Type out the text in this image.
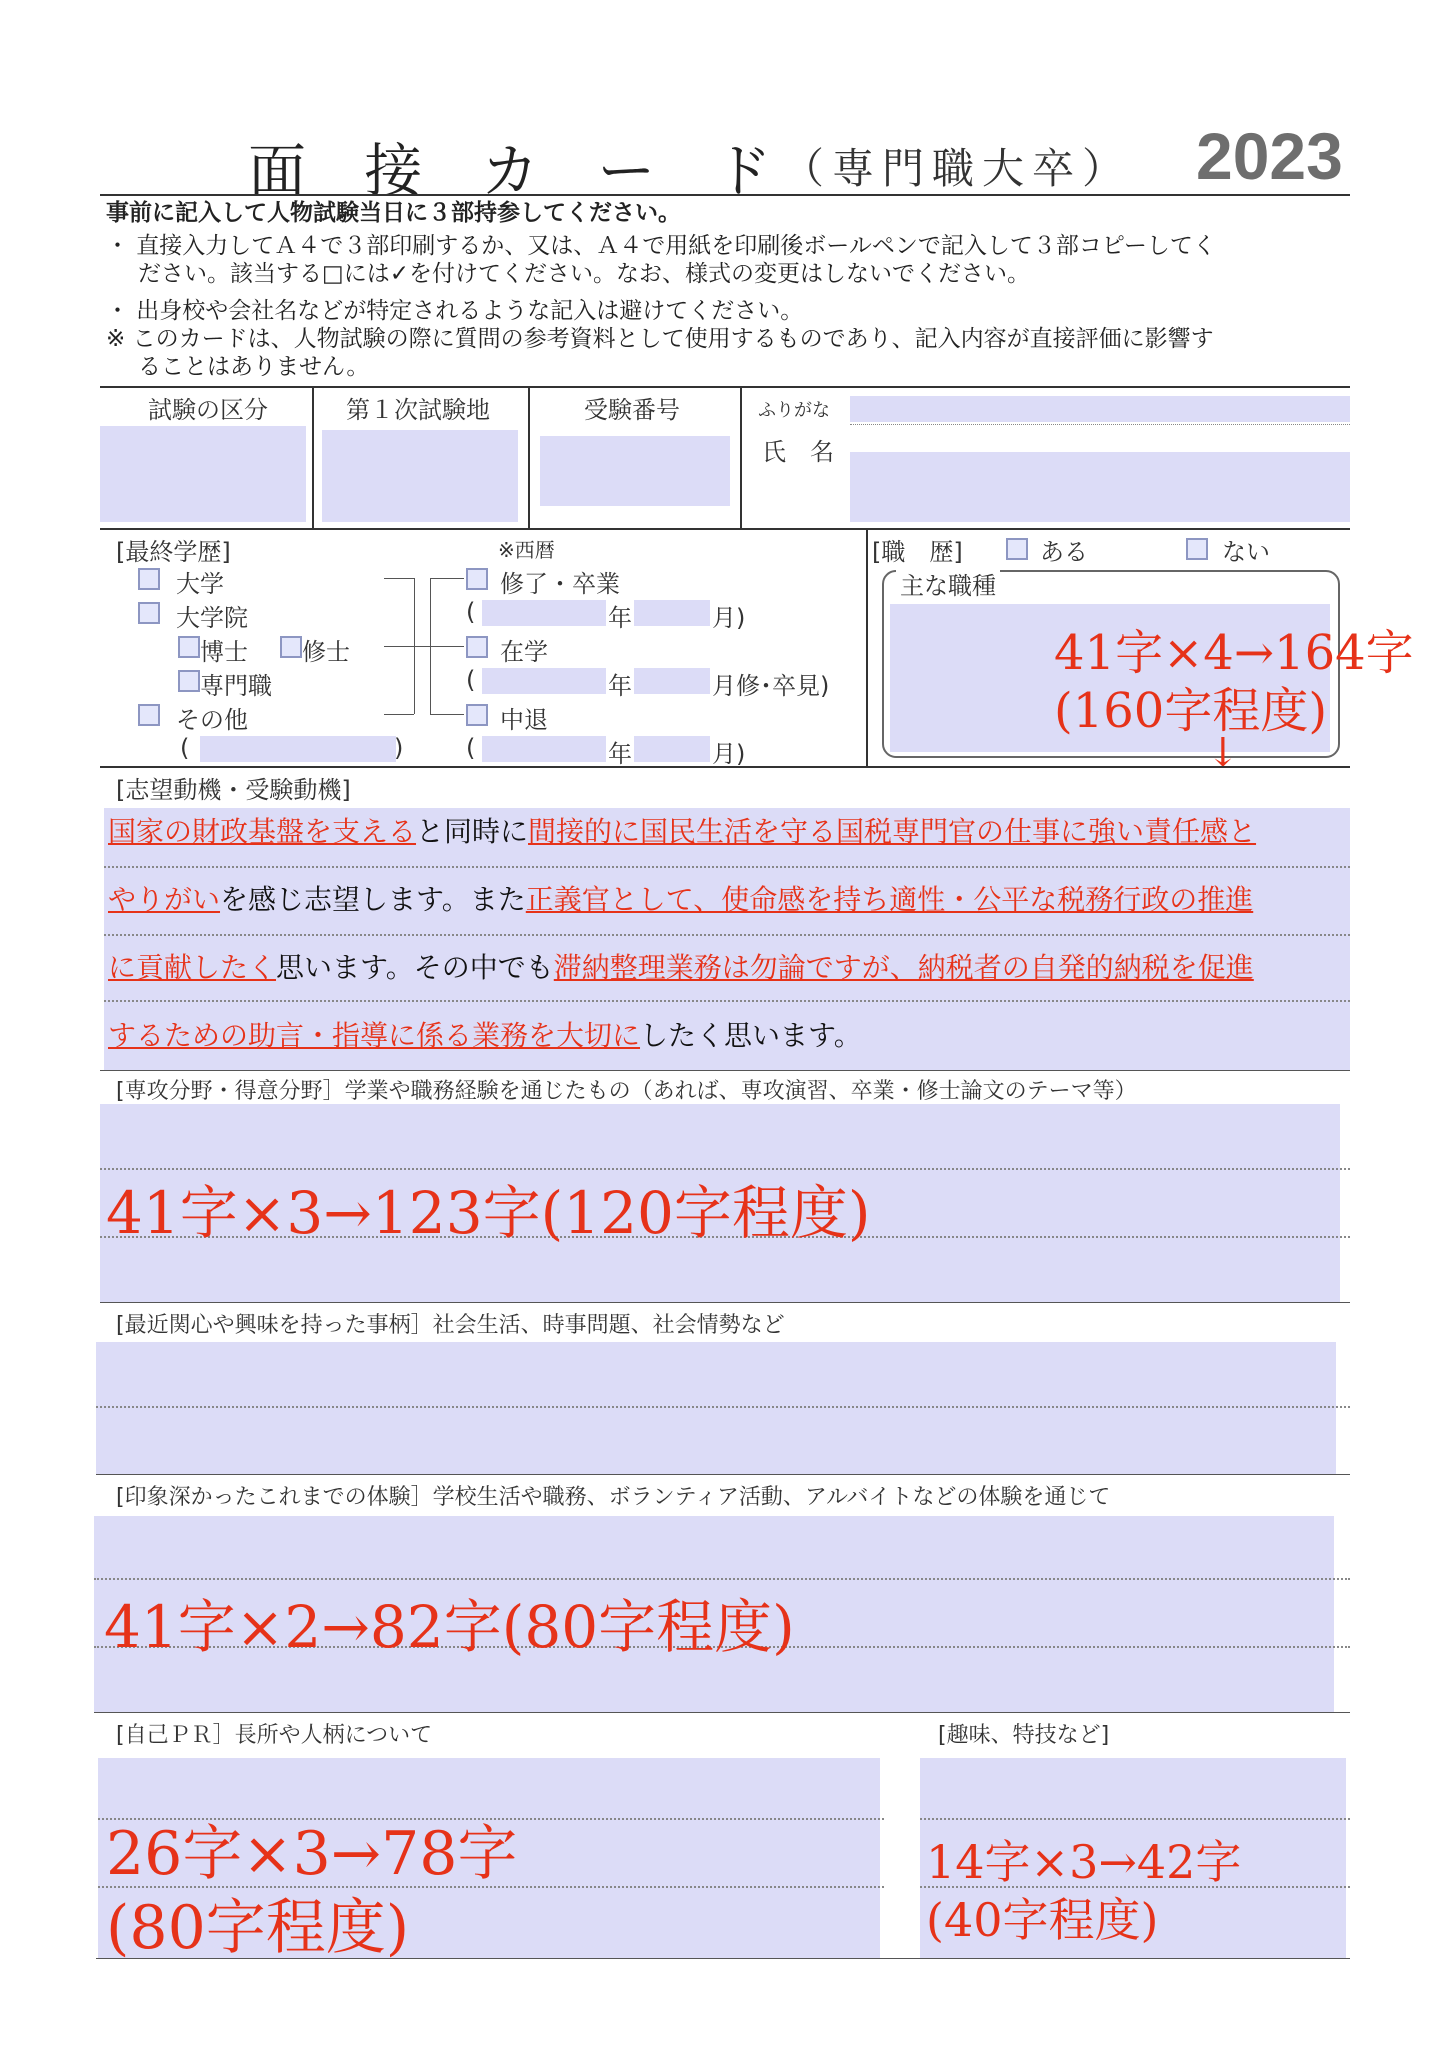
面 接 カ ー ド
（専門職大卒） 2023
事前に記入して人物試験当日に３部持参してください。
・ 直接入力してＡ４で３部印刷するか、又は、Ａ４で用紙を印刷後ボールペンで記入して３部コピーしてく
ださい。該当する□には✓を付けてください。なお、様式の変更はしないでください。
・ 出身校や会社名などが特定されるような記入は避けてください。
※ このカードは、人物試験の際に質問の参考資料として使用するものであり、記入内容が直接評価に影響す
ることはありません。
試験の区分	第１次試験地	受験番号	ふりがな
氏　名
[最終学歴]	※西暦
大学
大学院
博士 修士
専門職
その他
(	)
修了・卒業
(	年	月)
在学
(	年	月修･卒見)
中退
(	年	月)
[職　歴]	ある	ない
主な職種
41字×4→164字
(160字程度)
↓
[志望動機・受験動機]
国家の財政基盤を支えると同時に間接的に国民生活を守る国税専門官の仕事に強い責任感と
やりがいを感じ志望します。また正義官として、使命感を持ち適性・公平な税務行政の推進
に貢献したく思います。その中でも滞納整理業務は勿論ですが、納税者の自発的納税を促進
するための助言・指導に係る業務を大切にしたく思います。
[専攻分野・得意分野］学業や職務経験を通じたもの（あれば、専攻演習、卒業・修士論文のテーマ等）
41字×3→123字(120字程度)
[最近関心や興味を持った事柄］社会生活、時事問題、社会情勢など
[印象深かったこれまでの体験］学校生活や職務、ボランティア活動、アルバイトなどの体験を通じて
41字×2→82字(80字程度)
[自己ＰＲ］長所や人柄について
26字×3→78字
(80字程度)
[趣味、特技など]
14字×3→42字
(40字程度)
